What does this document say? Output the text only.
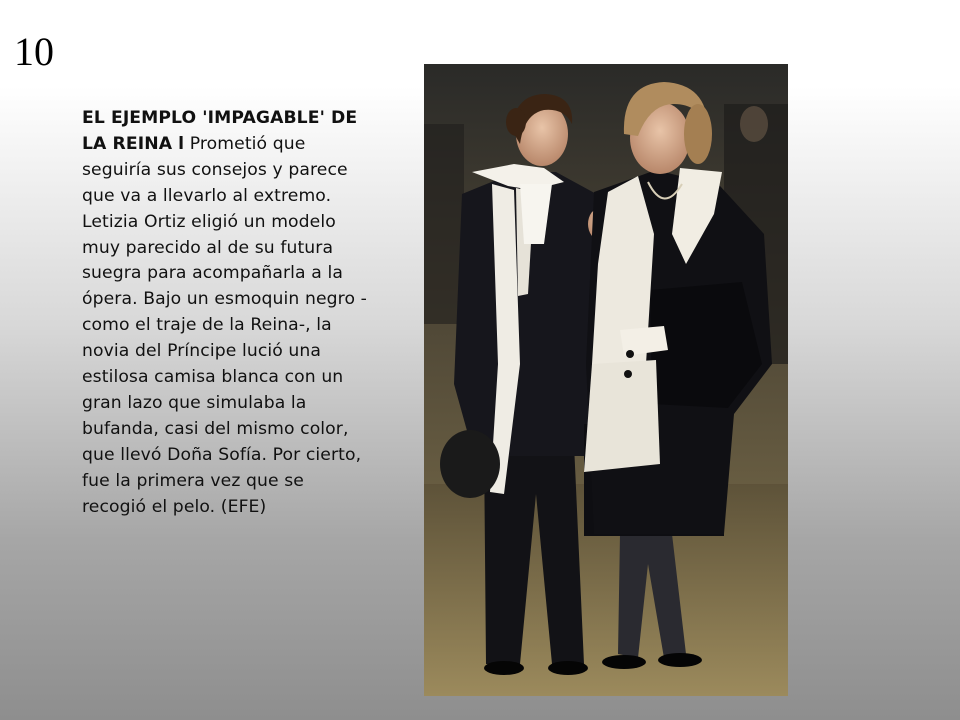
10
EL EJEMPLO 'IMPAGABLE' DE LA REINA l Prometió que seguiría sus consejos y parece que va a llevarlo al extremo. Letizia Ortiz eligió un modelo muy parecido al de su futura suegra para acompañarla a la ópera. Bajo un esmoquin negro -como el traje de la Reina-, la novia del Príncipe lució una estilosa camisa blanca con un gran lazo que simulaba la bufanda, casi del mismo color, que llevó Doña Sofía. Por cierto, fue la primera vez que se recogió el pelo. (EFE)
